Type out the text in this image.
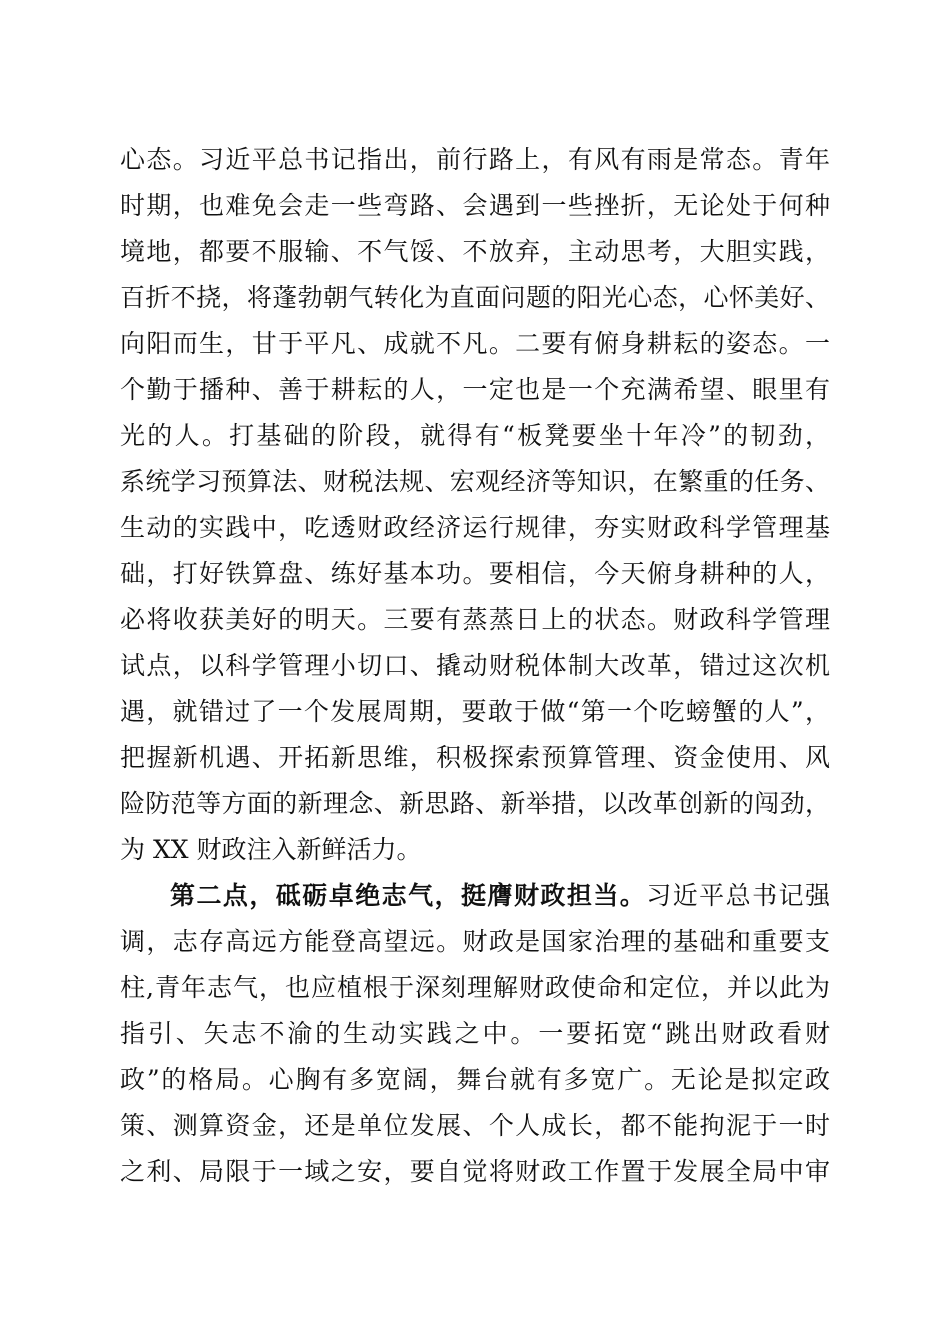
心态。习近平总书记指出，前行路上，有风有雨是常态。青年
时期，也难免会走一些弯路、会遇到一些挫折，无论处于何种
境地，都要不服输、不气馁、不放弃，主动思考，大胆实践，
百折不挠，将蓬勃朝气转化为直面问题的阳光心态，心怀美好、
向阳而生，甘于平凡、成就不凡。二要有俯身耕耘的姿态。一
个勤于播种、善于耕耘的人，一定也是一个充满希望、眼里有
光的人。打基础的阶段，就得有“板凳要坐十年冷”的韧劲，
系统学习预算法、财税法规、宏观经济等知识，在繁重的任务、
生动的实践中，吃透财政经济运行规律，夯实财政科学管理基
础，打好铁算盘、练好基本功。要相信，今天俯身耕种的人，
必将收获美好的明天。三要有蒸蒸日上的状态。财政科学管理
试点，以科学管理小切口、撬动财税体制大改革，错过这次机
遇，就错过了一个发展周期，要敢于做“第一个吃螃蟹的人”，
把握新机遇、开拓新思维，积极探索预算管理、资金使用、风
险防范等方面的新理念、新思路、新举措，以改革创新的闯劲，
为 XX 财政注入新鲜活力。
第二点，砥砺卓绝志气，挺膺财政担当。习近平总书记强
调，志存高远方能登高望远。财政是国家治理的基础和重要支
柱,青年志气，也应植根于深刻理解财政使命和定位，并以此为
指引、矢志不渝的生动实践之中。一要拓宽“跳出财政看财
政”的格局。心胸有多宽阔，舞台就有多宽广。无论是拟定政
策、测算资金，还是单位发展、个人成长，都不能拘泥于一时
之利、局限于一域之安，要自觉将财政工作置于发展全局中审
